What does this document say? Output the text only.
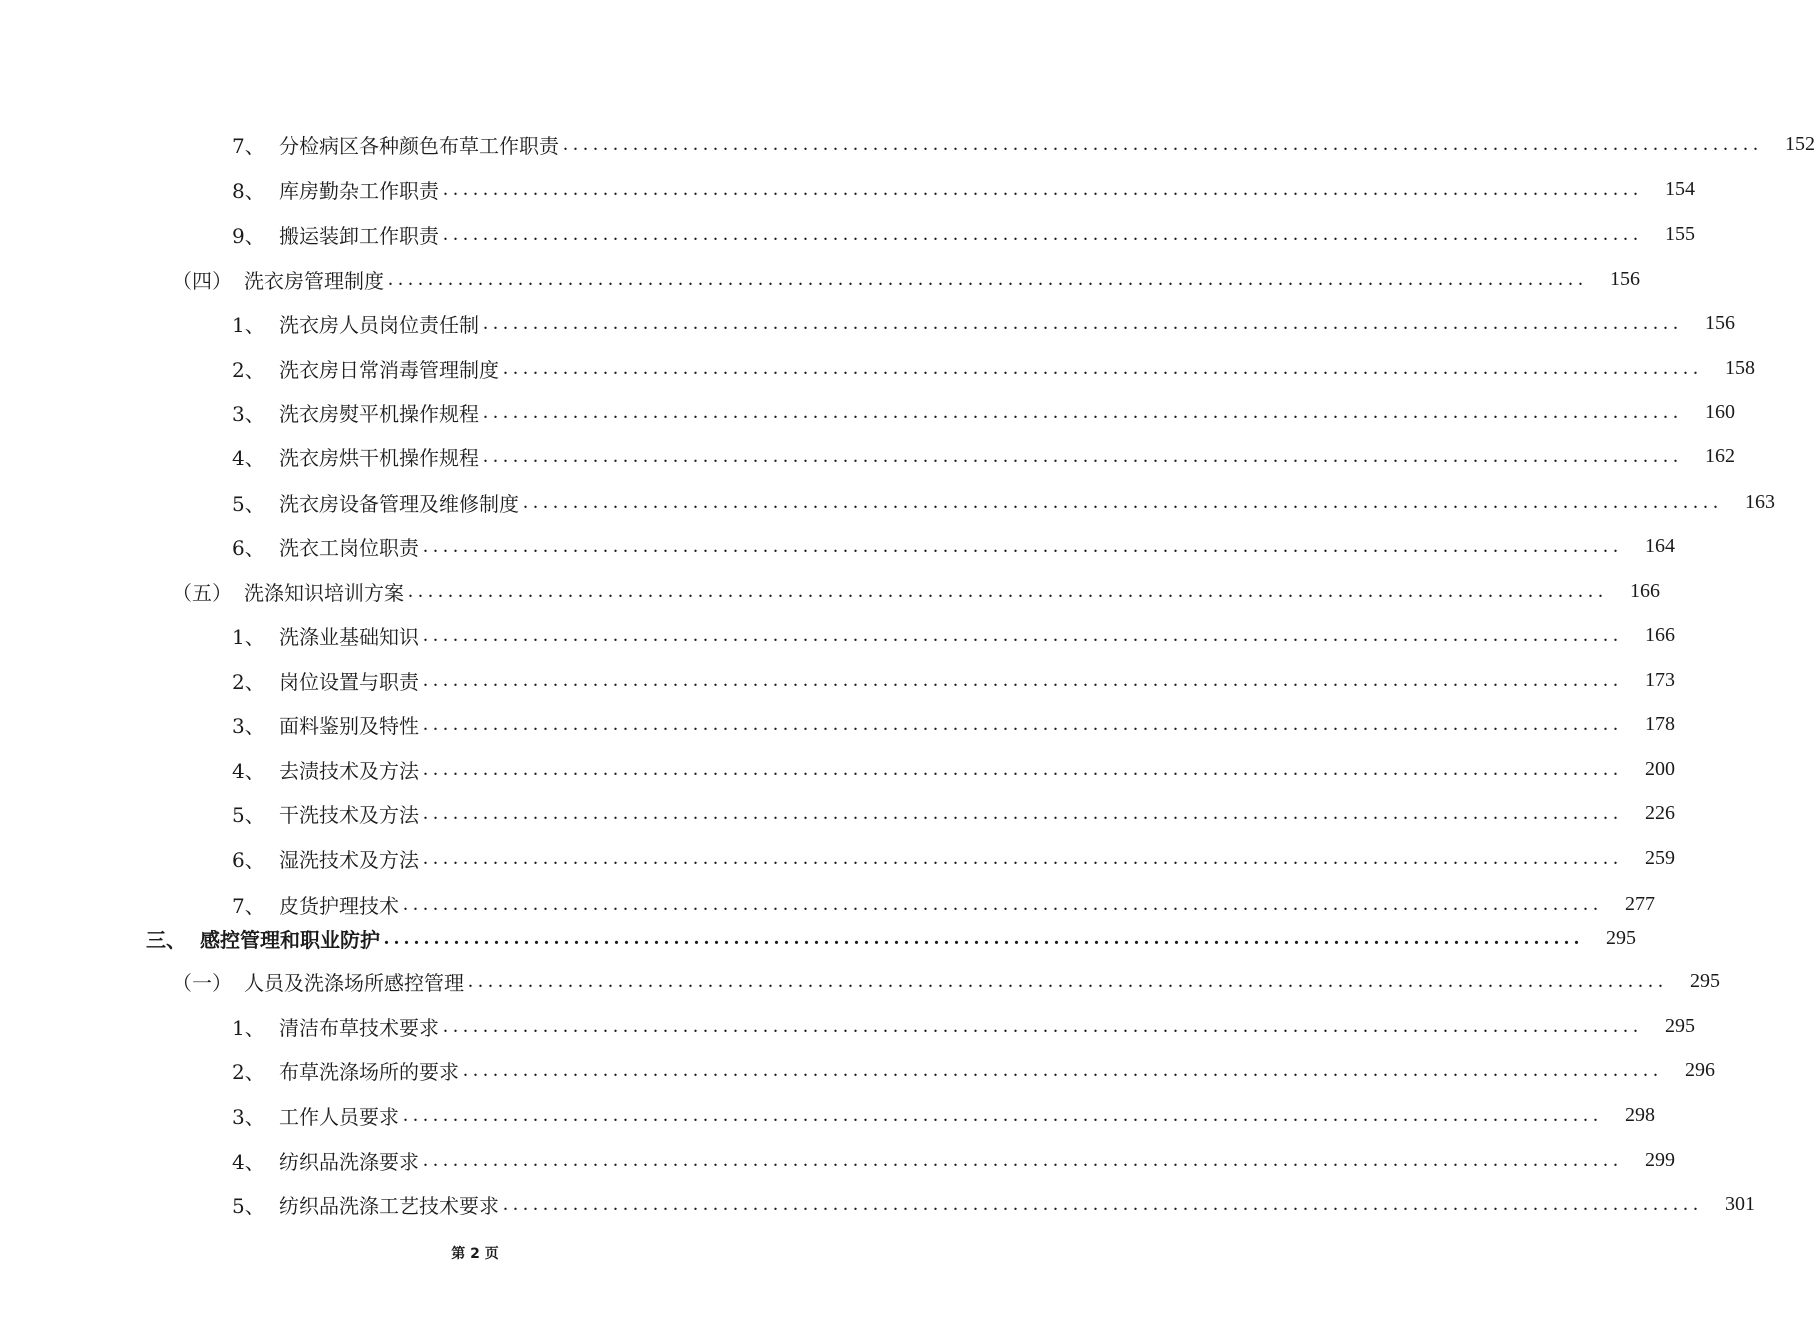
7、 分检病区各种颜色布草工作职责 ........................................................................................................................	152
8、 库房勤杂工作职责 ........................................................................................................................	154
9、 搬运装卸工作职责 ........................................................................................................................	155
（四） 洗衣房管理制度 ........................................................................................................................	156
1、 洗衣房人员岗位责任制 ........................................................................................................................	156
2、 洗衣房日常消毒管理制度 ........................................................................................................................	158
3、 洗衣房熨平机操作规程 ........................................................................................................................	160
4、 洗衣房烘干机操作规程 ........................................................................................................................	162
5、 洗衣房设备管理及维修制度 ........................................................................................................................	163
6、 洗衣工岗位职责 ........................................................................................................................	164
（五） 洗涤知识培训方案 ........................................................................................................................	166
1、 洗涤业基础知识 ........................................................................................................................	166
2、 岗位设置与职责 ........................................................................................................................	173
3、 面料鉴别及特性 ........................................................................................................................	178
4、 去渍技术及方法 ........................................................................................................................	200
5、 干洗技术及方法 ........................................................................................................................	226
6、 湿洗技术及方法 ........................................................................................................................	259
7、 皮货护理技术 ........................................................................................................................	277
三、 感控管理和职业防护 ........................................................................................................................	295
（一） 人员及洗涤场所感控管理 ........................................................................................................................	295
1、 清洁布草技术要求 ........................................................................................................................	295
2、 布草洗涤场所的要求 ........................................................................................................................	296
3、 工作人员要求 ........................................................................................................................	298
4、 纺织品洗涤要求 ........................................................................................................................	299
5、 纺织品洗涤工艺技术要求 ........................................................................................................................	301
第 2 页
